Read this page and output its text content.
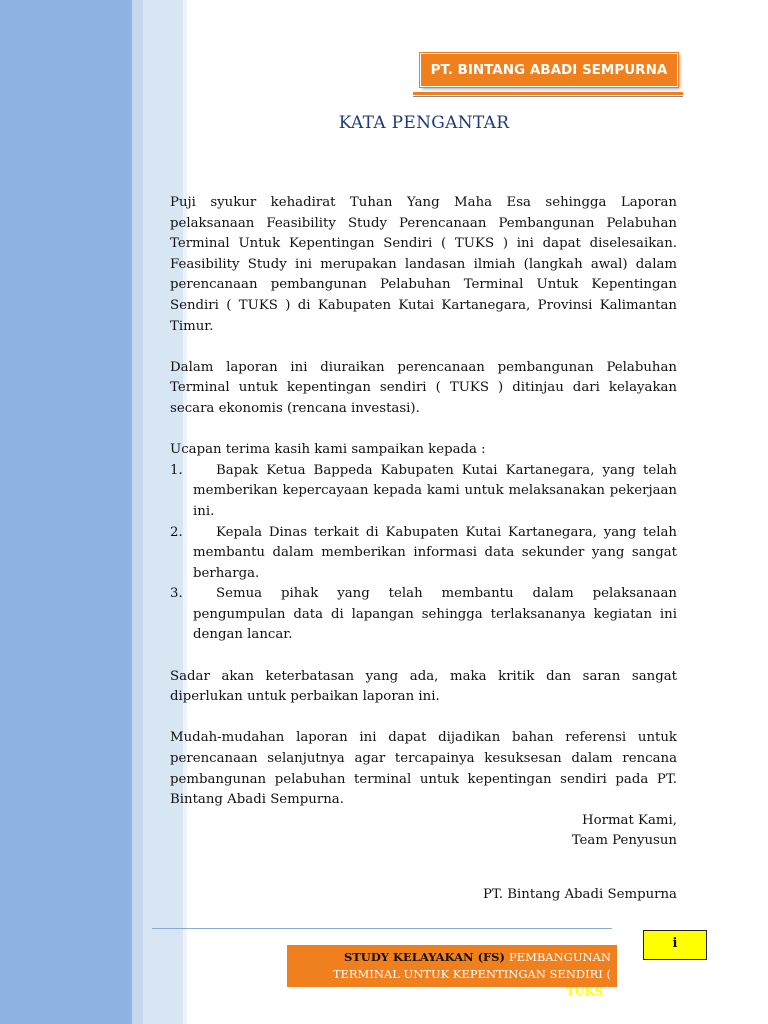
PT. BINTANG ABADI SEMPURNA
KATA PENGANTAR

Puji syukur kehadirat Tuhan Yang Maha Esa sehingga Laporan pelaksanaan Feasibility Study Perencanaan Pembangunan Pelabuhan Terminal Untuk Kepentingan Sendiri ( TUKS ) ini dapat diselesaikan. Feasibility Study ini merupakan landasan ilmiah (langkah awal) dalam perencanaan pembangunan Pelabuhan Terminal Untuk Kepentingan Sendiri ( TUKS ) di Kabupaten Kutai Kartanegara, Provinsi Kalimantan Timur.

Dalam laporan ini diuraikan perencanaan pembangunan Pelabuhan Terminal untuk kepentingan sendiri ( TUKS ) ditinjau dari kelayakan secara ekonomis (rencana investasi).

Ucapan terima kasih kami sampaikan kepada :

1.	Bapak Ketua Bappeda Kabupaten Kutai Kartanegara, yang telah memberikan kepercayaan kepada kami untuk melaksanakan pekerjaan ini.
2.	Kepala Dinas terkait di Kabupaten Kutai Kartanegara, yang telah membantu dalam memberikan informasi data sekunder yang sangat berharga.
3.	Semua pihak yang telah membantu dalam pelaksanaan pengumpulan data di lapangan sehingga terlaksananya kegiatan ini dengan lancar.

Sadar akan keterbatasan yang ada, maka kritik dan saran sangat diperlukan untuk perbaikan laporan ini.

Mudah-mudahan laporan ini dapat dijadikan bahan referensi untuk perencanaan selanjutnya agar tercapainya kesuksesan dalam rencana pembangunan pelabuhan terminal untuk kepentingan sendiri pada PT. Bintang Abadi Sempurna.

Hormat Kami,
Team Penyusun
PT. Bintang Abadi Sempurna
STUDY KELAYAKAN (FS) PEMBANGUNAN
TERMINAL UNTUK KEPENTINGAN SENDIRI ( TUKS )
i
